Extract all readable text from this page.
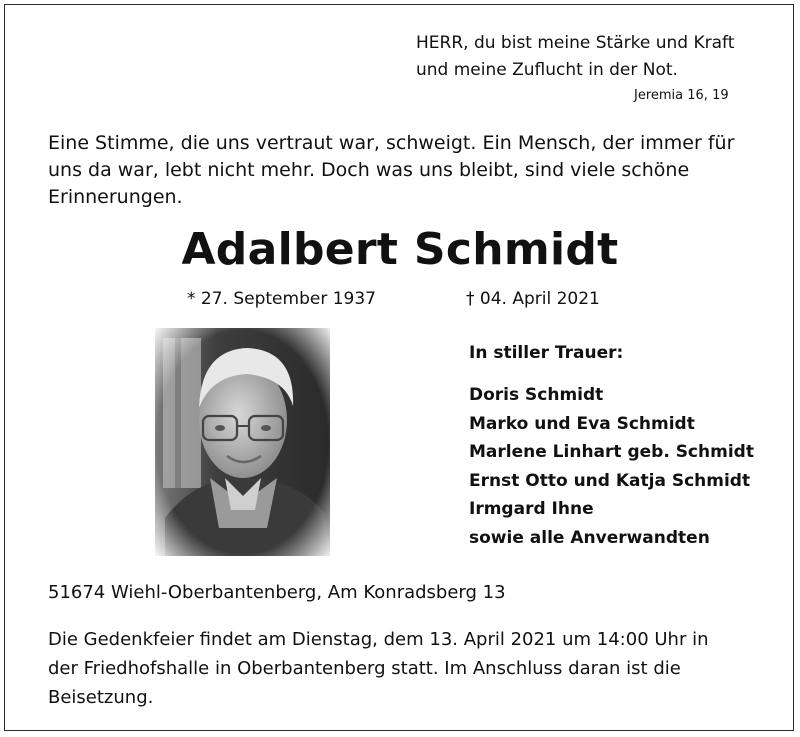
HERR, du bist meine Stärke und Kraft
und meine Zuflucht in der Not.
Jeremia 16, 19
Eine Stimme, die uns vertraut war, schweigt. Ein Mensch, der immer für
uns da war, lebt nicht mehr. Doch was uns bleibt, sind viele schöne
Erinnerungen.
Adalbert Schmidt
* 27. September 1937	† 04. April 2021
In stiller Trauer:
Doris Schmidt
Marko und Eva Schmidt
Marlene Linhart geb. Schmidt
Ernst Otto und Katja Schmidt
Irmgard Ihne
sowie alle Anverwandten
51674 Wiehl-Oberbantenberg, Am Konradsberg 13
Die Gedenkfeier findet am Dienstag, dem 13. April 2021 um 14:00 Uhr in
der Friedhofshalle in Oberbantenberg statt. Im Anschluss daran ist die
Beisetzung.
